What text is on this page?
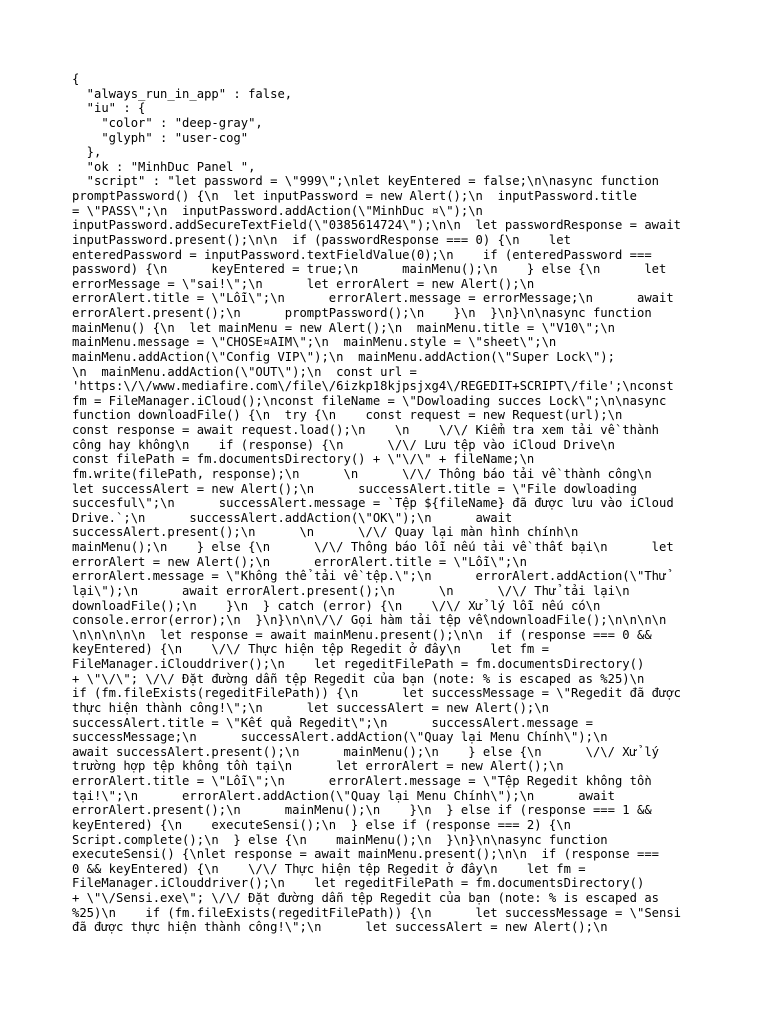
{
"always_run_in_app" : false,
"iu" : {
"color" : "deep-gray",
"glyph" : "user-cog"
},
"ok : "MinhDuc Panel ",
"script" : "let password = \"999\";\nlet keyEntered = false;\n\nasync function
promptPassword() {\n  let inputPassword = new Alert();\n  inputPassword.title
= \"PASS\";\n  inputPassword.addAction(\"MinhDuc ¤\");\n
inputPassword.addSecureTextField(\"0385614724\");\n\n  let passwordResponse = await
inputPassword.present();\n\n  if (passwordResponse === 0) {\n    let
enteredPassword = inputPassword.textFieldValue(0);\n    if (enteredPassword ===
password) {\n      keyEntered = true;\n      mainMenu();\n    } else {\n      let
errorMessage = \"sai!\";\n      let errorAlert = new Alert();\n
errorAlert.title = \"Lỗi\";\n      errorAlert.message = errorMessage;\n      await
errorAlert.present();\n      promptPassword();\n    }\n  }\n}\n\nasync function
mainMenu() {\n  let mainMenu = new Alert();\n  mainMenu.title = \"V10\";\n
mainMenu.message = \"CHOSE¤AIM\";\n  mainMenu.style = \"sheet\";\n
mainMenu.addAction(\"Config VIP\");\n  mainMenu.addAction(\"Super Lock\");
\n  mainMenu.addAction(\"OUT\");\n  const url =
'https:\/\/www.mediafire.com\/file\/6izkp18kjpsjxg4\/REGEDIT+SCRIPT\/file';\nconst
fm = FileManager.iCloud();\nconst fileName = \"Dowloading succes Lock\";\n\nasync
function downloadFile() {\n  try {\n    const request = new Request(url);\n
const response = await request.load();\n    \n    \/\/ Kiểm tra xem tải về thành
công hay không\n    if (response) {\n      \/\/ Lưu tệp vào iCloud Drive\n
const filePath = fm.documentsDirectory() + \"\/\" + fileName;\n
fm.write(filePath, response);\n      \n      \/\/ Thông báo tải về thành công\n
let successAlert = new Alert();\n      successAlert.title = \"File dowloading
succesful\";\n      successAlert.message = `Tệp ${fileName} đã được lưu vào iCloud
Drive.`;\n      successAlert.addAction(\"OK\");\n      await
successAlert.present();\n      \n      \/\/ Quay lại màn hình chính\n
mainMenu();\n    } else {\n      \/\/ Thông báo lỗi nếu tải về thất bại\n      let
errorAlert = new Alert();\n      errorAlert.title = \"Lỗi\";\n
errorAlert.message = \"Không thể tải về tệp.\";\n      errorAlert.addAction(\"Thử
lại\");\n      await errorAlert.present();\n      \n      \/\/ Thử tải lại\n
downloadFile();\n    }\n  } catch (error) {\n    \/\/ Xử lý lỗi nếu có\n
console.error(error);\n  }\n}\n\n\/\/ Gọi hàm tải tệp về\ndownloadFile();\n\n\n\n
\n\n\n\n\n  let response = await mainMenu.present();\n\n  if (response === 0 &&
keyEntered) {\n    \/\/ Thực hiện tệp Regedit ở đây\n    let fm =
FileManager.iClouddriver();\n    let regeditFilePath = fm.documentsDirectory()
+ \"\/\"; \/\/ Đặt đường dẫn tệp Regedit của bạn (note: % is escaped as %25)\n
if (fm.fileExists(regeditFilePath)) {\n      let successMessage = \"Regedit đã được
thực hiện thành công!\";\n      let successAlert = new Alert();\n
successAlert.title = \"Kết quả Regedit\";\n      successAlert.message =
successMessage;\n      successAlert.addAction(\"Quay lại Menu Chính\");\n
await successAlert.present();\n      mainMenu();\n    } else {\n      \/\/ Xử lý
trường hợp tệp không tồn tại\n      let errorAlert = new Alert();\n
errorAlert.title = \"Lỗi\";\n      errorAlert.message = \"Tệp Regedit không tồn
tại!\";\n      errorAlert.addAction(\"Quay lại Menu Chính\");\n      await
errorAlert.present();\n      mainMenu();\n    }\n  } else if (response === 1 &&
keyEntered) {\n    executeSensi();\n  } else if (response === 2) {\n
Script.complete();\n  } else {\n    mainMenu();\n  }\n}\n\nasync function
executeSensi() {\nlet response = await mainMenu.present();\n\n  if (response ===
0 && keyEntered) {\n    \/\/ Thực hiện tệp Regedit ở đây\n    let fm =
FileManager.iClouddriver();\n    let regeditFilePath = fm.documentsDirectory()
+ \"\/Sensi.exe\"; \/\/ Đặt đường dẫn tệp Regedit của bạn (note: % is escaped as
%25)\n    if (fm.fileExists(regeditFilePath)) {\n      let successMessage = \"Sensi
đã được thực hiện thành công!\";\n      let successAlert = new Alert();\n
